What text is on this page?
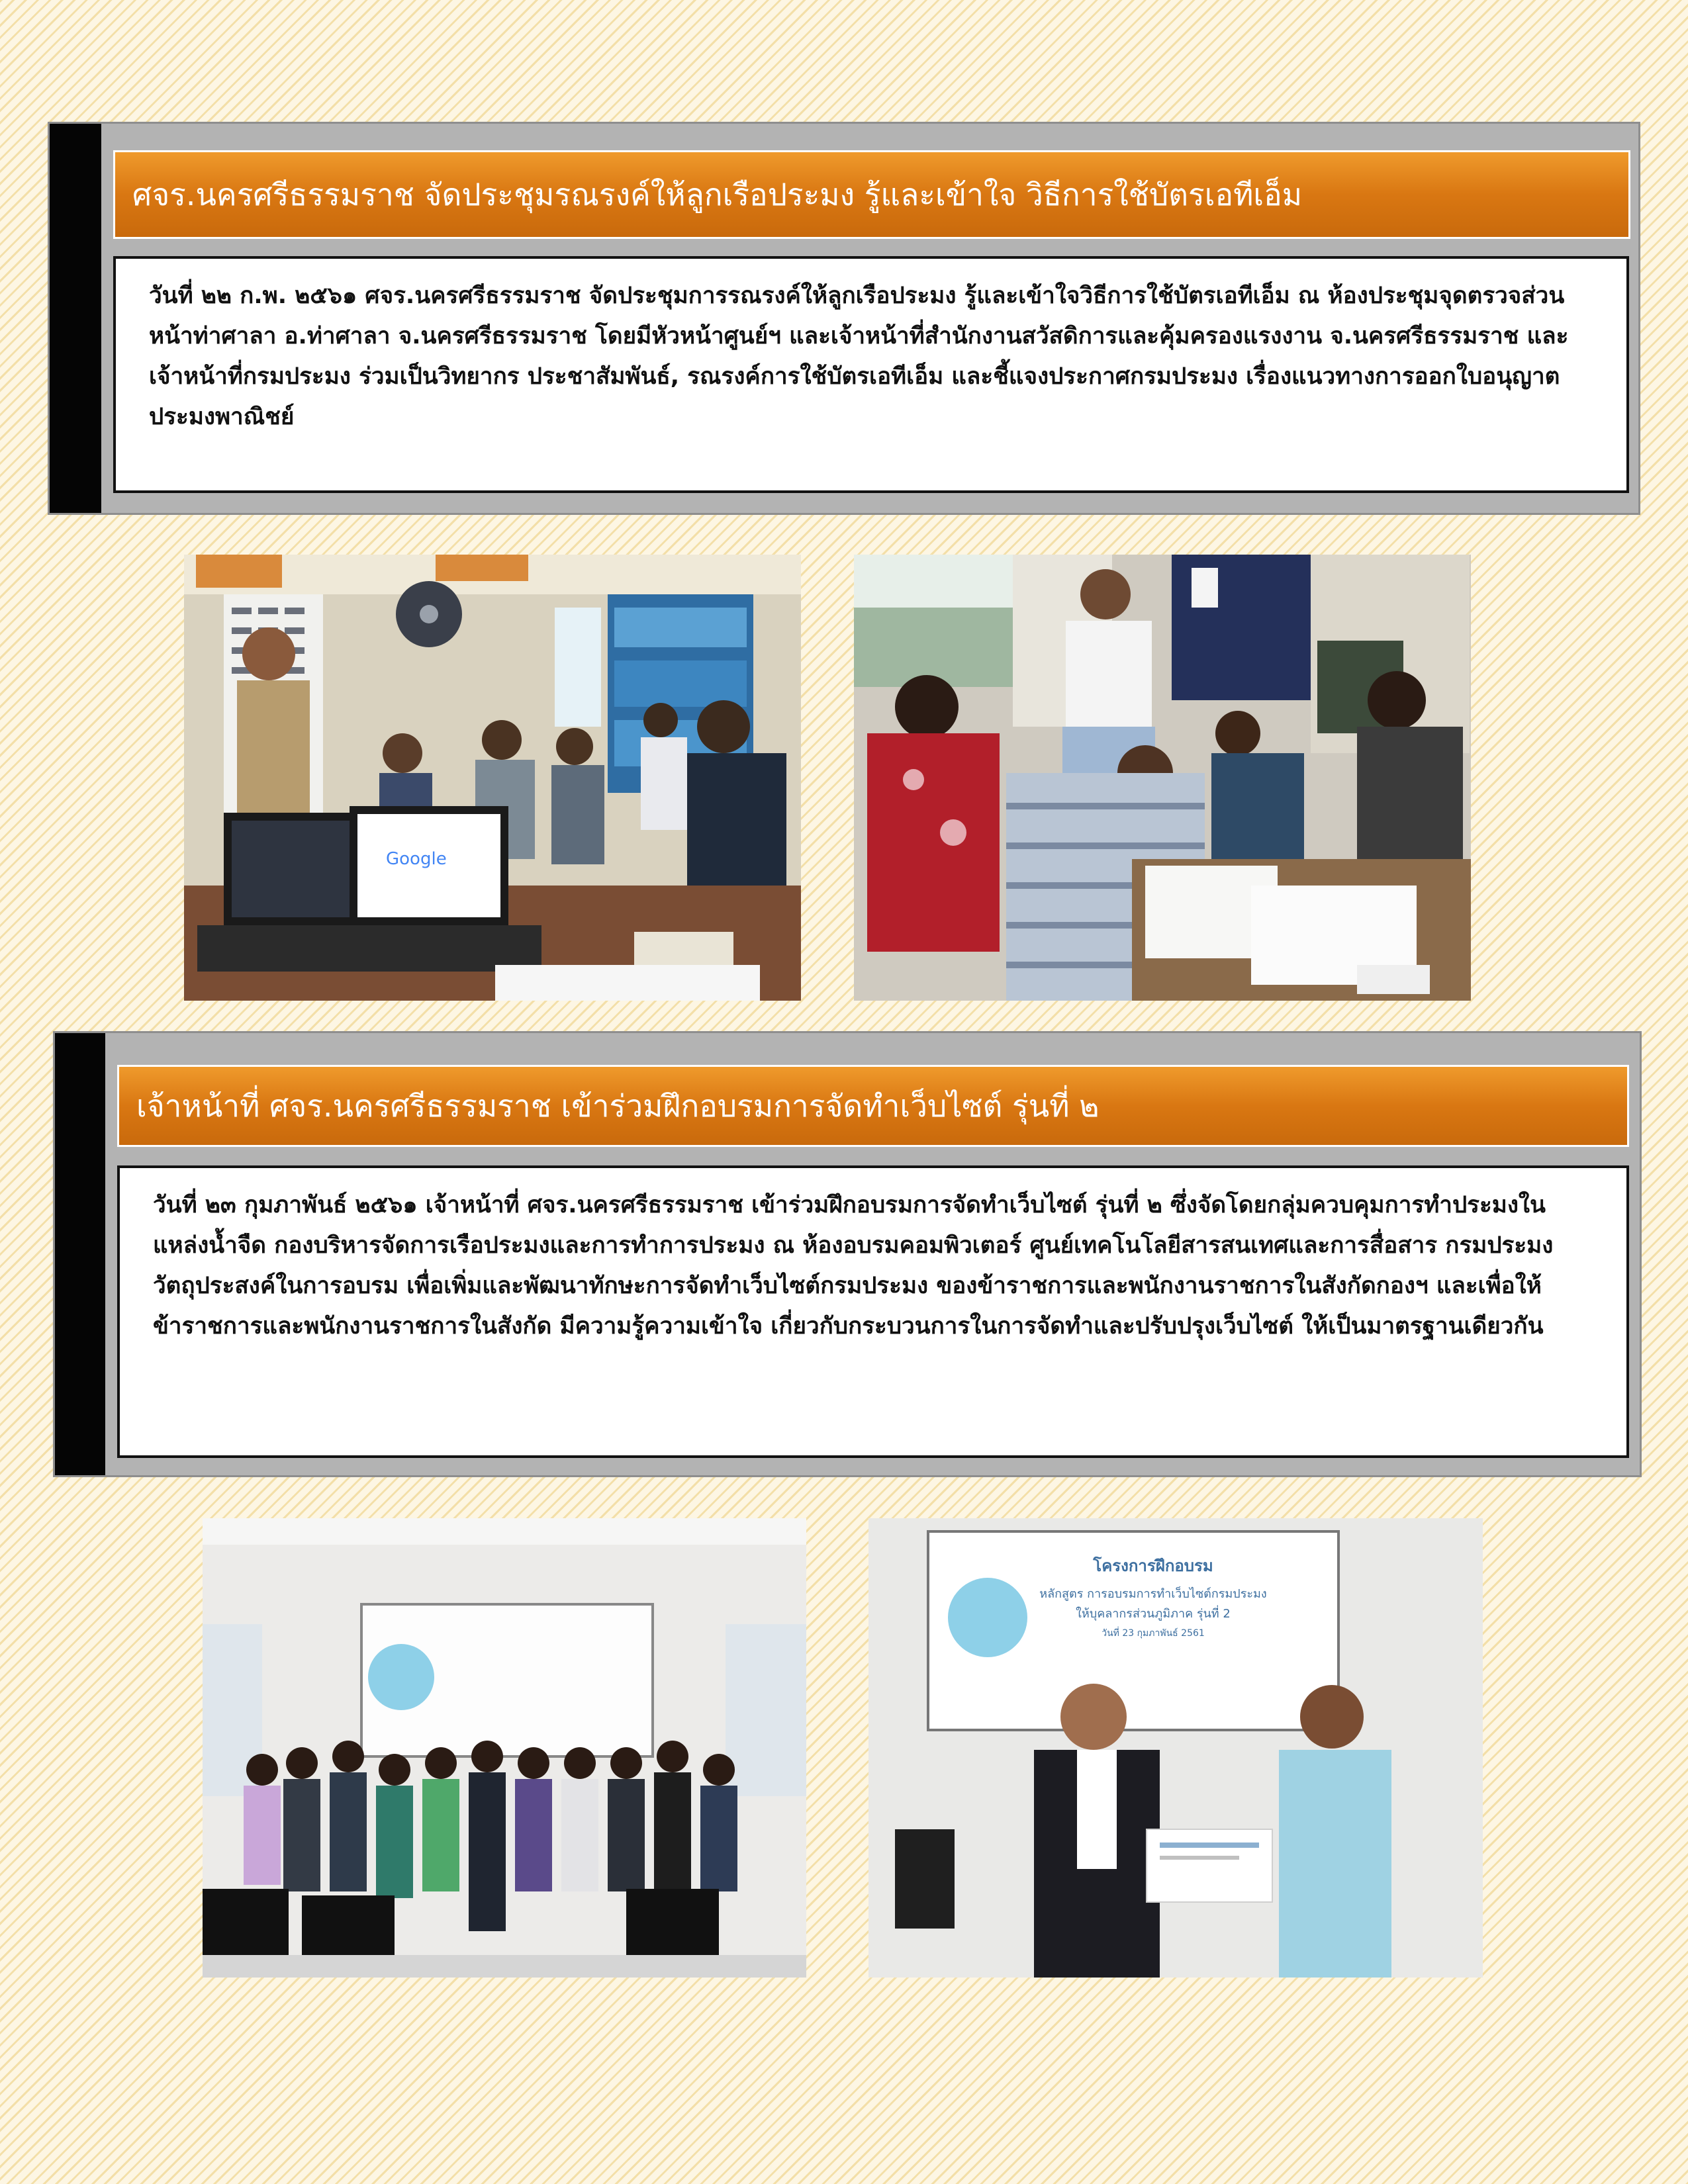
ศจร.นครศรีธรรมราช จัดประชุมรณรงค์ให้ลูกเรือประมง รู้และเข้าใจ วิธีการใช้บัตรเอทีเอ็ม
วันที่ ๒๒ ก.พ. ๒๕๖๑ ศจร.นครศรีธรรมราช จัดประชุมการรณรงค์ให้ลูกเรือประมง รู้และเข้าใจวิธีการใช้บัตรเอทีเอ็ม ณ ห้องประชุมจุดตรวจส่วนหน้าท่าศาลา อ.ท่าศาลา จ.นครศรีธรรมราช โดยมีหัวหน้าศูนย์ฯ และเจ้าหน้าที่สำนักงานสวัสดิการและคุ้มครองแรงงาน จ.นครศรีธรรมราช และ เจ้าหน้าที่กรมประมง ร่วมเป็นวิทยากร ประชาสัมพันธ์, รณรงค์การใช้บัตรเอทีเอ็ม และชี้แจงประกาศกรมประมง เรื่องแนวทางการออกใบอนุญาตประมงพาณิชย์
Google
เจ้าหน้าที่ ศจร.นครศรีธรรมราช เข้าร่วมฝึกอบรมการจัดทำเว็บไซต์ รุ่นที่ ๒
วันที่ ๒๓ กุมภาพันธ์ ๒๕๖๑ เจ้าหน้าที่ ศจร.นครศรีธรรมราช เข้าร่วมฝึกอบรมการจัดทำเว็บไซต์ รุ่นที่ ๒ ซึ่งจัดโดยกลุ่มควบคุมการทำประมงในแหล่งน้ำจืด กองบริหารจัดการเรือประมงและการทำการประมง ณ ห้องอบรมคอมพิวเตอร์ ศูนย์เทคโนโลยีสารสนเทศและการสื่อสาร กรมประมง วัตถุประสงค์ในการอบรม เพื่อเพิ่มและพัฒนาทักษะการจัดทำเว็บไซต์กรมประมง ของข้าราชการและพนักงานราชการในสังกัดกองฯ และเพื่อให้ข้าราชการและพนักงานราชการในสังกัด มีความรู้ความเข้าใจ เกี่ยวกับกระบวนการในการจัดทำและปรับปรุงเว็บไซต์ ให้เป็นมาตรฐานเดียวกัน
โครงการฝึกอบรม
หลักสูตร การอบรมการทำเว็บไซต์กรมประมง
ให้บุคลากรส่วนภูมิภาค รุ่นที่ 2
วันที่ 23 กุมภาพันธ์ 2561
